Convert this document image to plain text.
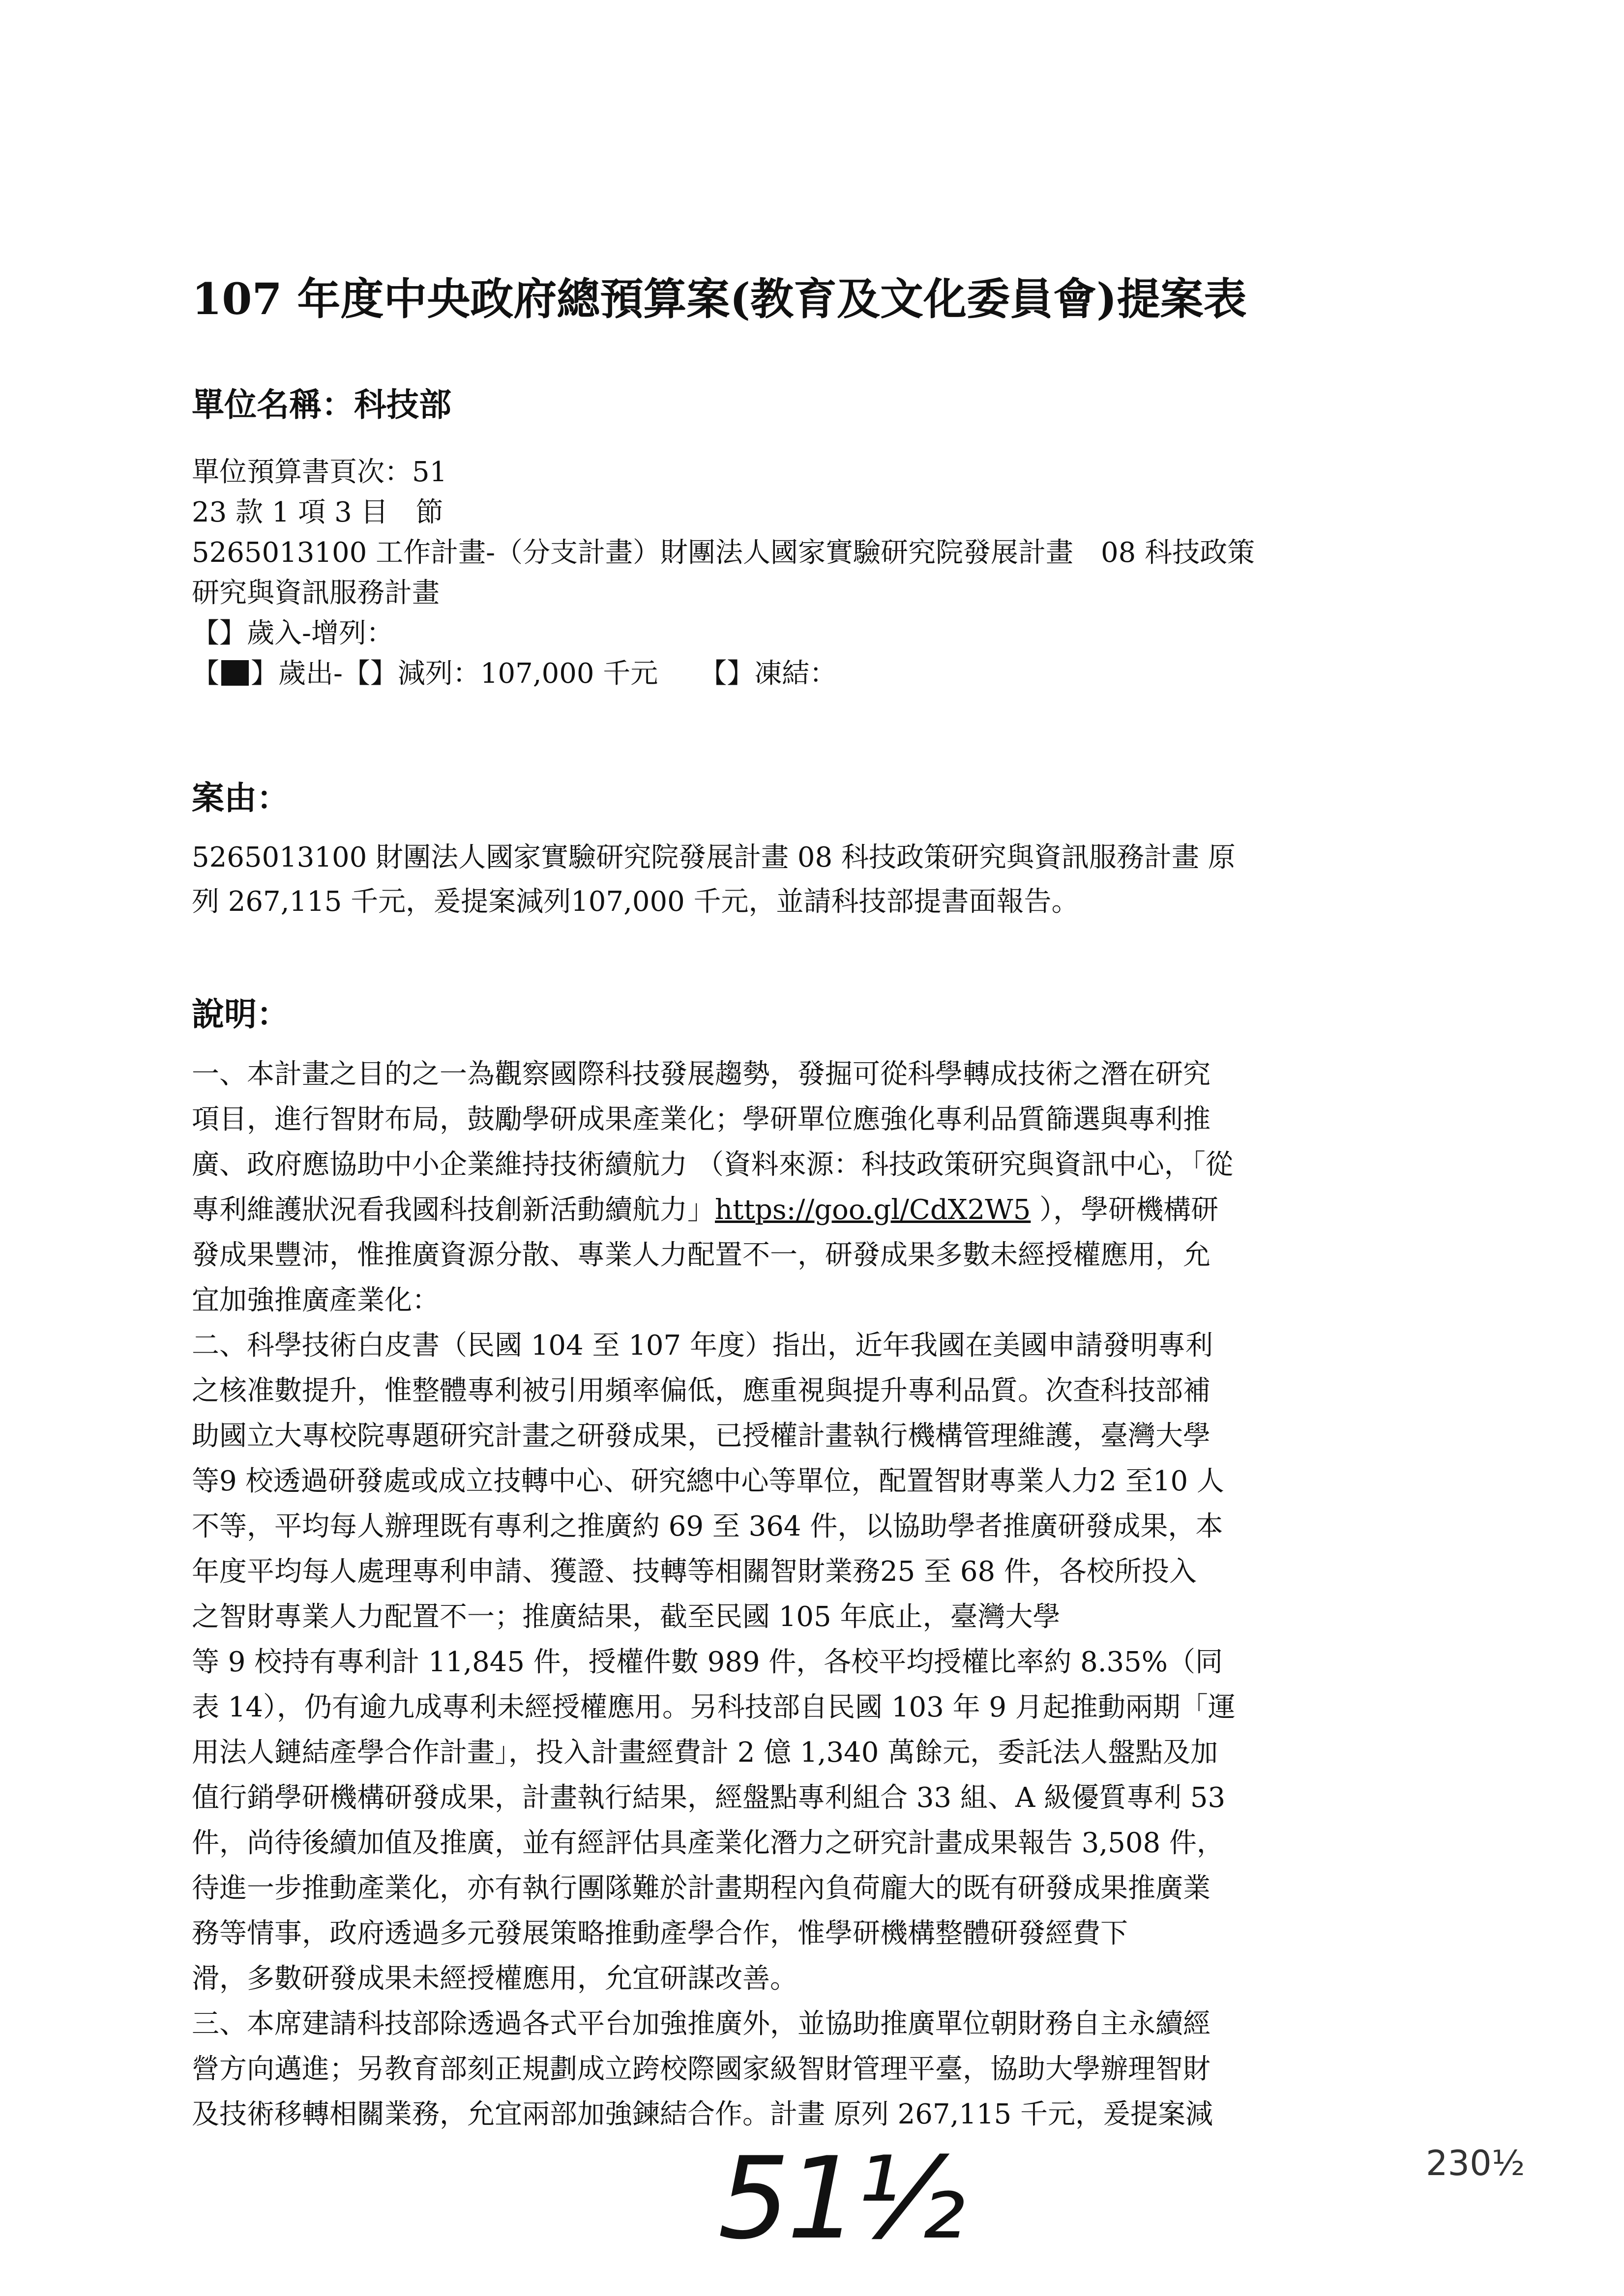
107 年度中央政府總預算案(教育及文化委員會)提案表
單位名稱：科技部
單位預算書頁次：51
23 款 1 項 3 目　節
5265013100 工作計畫-（分支計畫）財團法人國家實驗研究院發展計畫　08 科技政策
研究與資訊服務計畫
【】歲入-增列：
【 】歲出-【】減列：107,000 千元　　【】凍結：
案由：
5265013100 財團法人國家實驗研究院發展計畫 08 科技政策研究與資訊服務計畫 原
列 267,115 千元，爰提案減列107,000 千元，並請科技部提書面報告。
說明：
一、本計畫之目的之一為觀察國際科技發展趨勢，發掘可從科學轉成技術之潛在研究
項目，進行智財布局，鼓勵學研成果產業化；學研單位應強化專利品質篩選與專利推
廣、政府應協助中小企業維持技術續航力 （資料來源：科技政策研究與資訊中心，「從
專利維護狀況看我國科技創新活動續航力」https://goo.gl/CdX2W5 ），學研機構研
發成果豐沛，惟推廣資源分散、專業人力配置不一，研發成果多數未經授權應用，允
宜加強推廣產業化：
二、科學技術白皮書（民國 104 至 107 年度）指出，近年我國在美國申請發明專利
之核准數提升，惟整體專利被引用頻率偏低，應重視與提升專利品質。次查科技部補
助國立大專校院專題研究計畫之研發成果，已授權計畫執行機構管理維護，臺灣大學
等9 校透過研發處或成立技轉中心、研究總中心等單位，配置智財專業人力2 至10 人
不等，平均每人辦理既有專利之推廣約 69 至 364 件，以協助學者推廣研發成果，本
年度平均每人處理專利申請、獲證、技轉等相關智財業務25 至 68 件，各校所投入
之智財專業人力配置不一；推廣結果，截至民國 105 年底止，臺灣大學
等 9 校持有專利計 11,845 件，授權件數 989 件，各校平均授權比率約 8.35%（同
表 14），仍有逾九成專利未經授權應用。另科技部自民國 103 年 9 月起推動兩期「運
用法人鏈結產學合作計畫」，投入計畫經費計 2 億 1,340 萬餘元，委託法人盤點及加
值行銷學研機構研發成果，計畫執行結果，經盤點專利組合 33 組、A 級優質專利 53
件，尚待後續加值及推廣，並有經評估具產業化潛力之研究計畫成果報告 3,508 件，
待進一步推動產業化，亦有執行團隊難於計畫期程內負荷龐大的既有研發成果推廣業
務等情事，政府透過多元發展策略推動產學合作，惟學研機構整體研發經費下
滑，多數研發成果未經授權應用，允宜研謀改善。
三、本席建請科技部除透過各式平台加強推廣外，並協助推廣單位朝財務自主永續經
營方向邁進；另教育部刻正規劃成立跨校際國家級智財管理平臺，協助大學辦理智財
及技術移轉相關業務，允宜兩部加強鍊結合作。計畫 原列 267,115 千元，爰提案減
51½	230½
